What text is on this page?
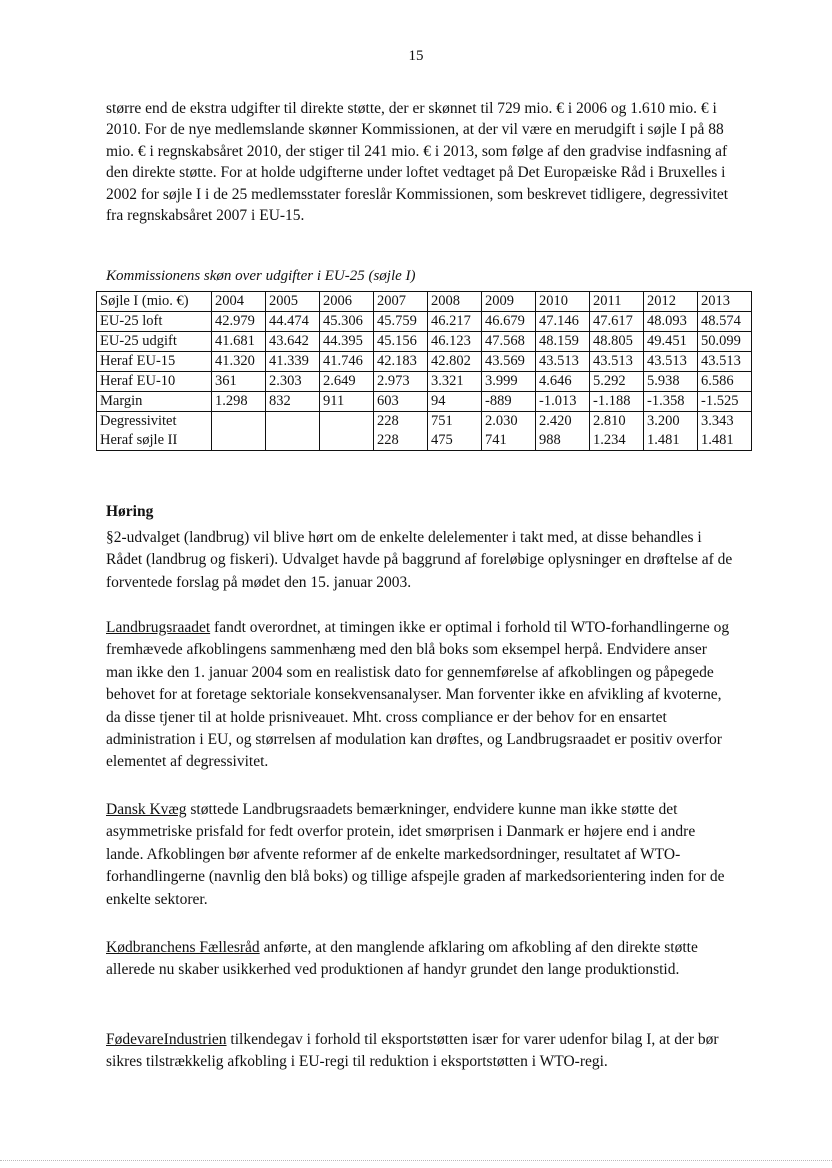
15

større end de ekstra udgifter til direkte støtte, der er skønnet til 729 mio. € i 2006 og 1.610 mio. € i 2010. For de nye medlemslande skønner Kommissionen, at der vil være en merudgift i søjle I på 88 mio. € i regnskabsåret 2010, der stiger til 241 mio. € i 2013, som følge af den gradvise indfasning af den direkte støtte. For at holde udgifterne under loftet vedtaget på Det Europæiske Råd i Bruxelles i 2002 for søjle I i de 25 medlemsstater foreslår Kommissionen, som beskrevet tidligere, degressivitet fra regnskabsåret 2007 i EU-15.

Kommissionens skøn over udgifter i EU-25 (søjle I)

Søjle I (mio. €)	2004	2005	2006	2007	2008	2009	2010	2011	2012	2013
EU-25 loft	42.979	44.474	45.306	45.759	46.217	46.679	47.146	47.617	48.093	48.574
EU-25 udgift	41.681	43.642	44.395	45.156	46.123	47.568	48.159	48.805	49.451	50.099
Heraf EU-15	41.320	41.339	41.746	42.183	42.802	43.569	43.513	43.513	43.513	43.513
Heraf EU-10	361	2.303	2.649	2.973	3.321	3.999	4.646	5.292	5.938	6.586
Margin	1.298	832	911	603	94	-889	-1.013	-1.188	-1.358	-1.525
Degressivitet				228	751	2.030	2.420	2.810	3.200	3.343
Heraf søjle II				228	475	741	988	1.234	1.481	1.481

Høring

§2-udvalget (landbrug) vil blive hørt om de enkelte delelementer i takt med, at disse behandles i Rådet (landbrug og fiskeri). Udvalget havde på baggrund af foreløbige oplysninger en drøftelse af de forventede forslag på mødet den 15. januar 2003.

Landbrugsraadet fandt overordnet, at timingen ikke er optimal i forhold til WTO-forhandlingerne og fremhævede afkoblingens sammenhæng med den blå boks som eksempel herpå. Endvidere anser man ikke den 1. januar 2004 som en realistisk dato for gennemførelse af afkoblingen og påpegede behovet for at foretage sektoriale konsekvensanalyser. Man forventer ikke en afvikling af kvoterne, da disse tjener til at holde prisniveauet. Mht. cross compliance er der behov for en ensartet administration i EU, og størrelsen af modulation kan drøftes, og Landbrugsraadet er positiv overfor elementet af degressivitet.

Dansk Kvæg støttede Landbrugsraadets bemærkninger, endvidere kunne man ikke støtte det asymmetriske prisfald for fedt overfor protein, idet smørprisen i Danmark er højere end i andre lande. Afkoblingen bør afvente reformer af de enkelte markedsordninger, resultatet af WTO-forhandlingerne (navnlig den blå boks) og tillige afspejle graden af markedsorientering inden for de enkelte sektorer.

Kødbranchens Fællesråd anførte, at den manglende afklaring om afkobling af den direkte støtte allerede nu skaber usikkerhed ved produktionen af handyr grundet den lange produktionstid.

FødevareIndustrien tilkendegav i forhold til eksportstøtten især for varer udenfor bilag I, at der bør sikres tilstrækkelig afkobling i EU-regi til reduktion i eksportstøtten i WTO-regi.
